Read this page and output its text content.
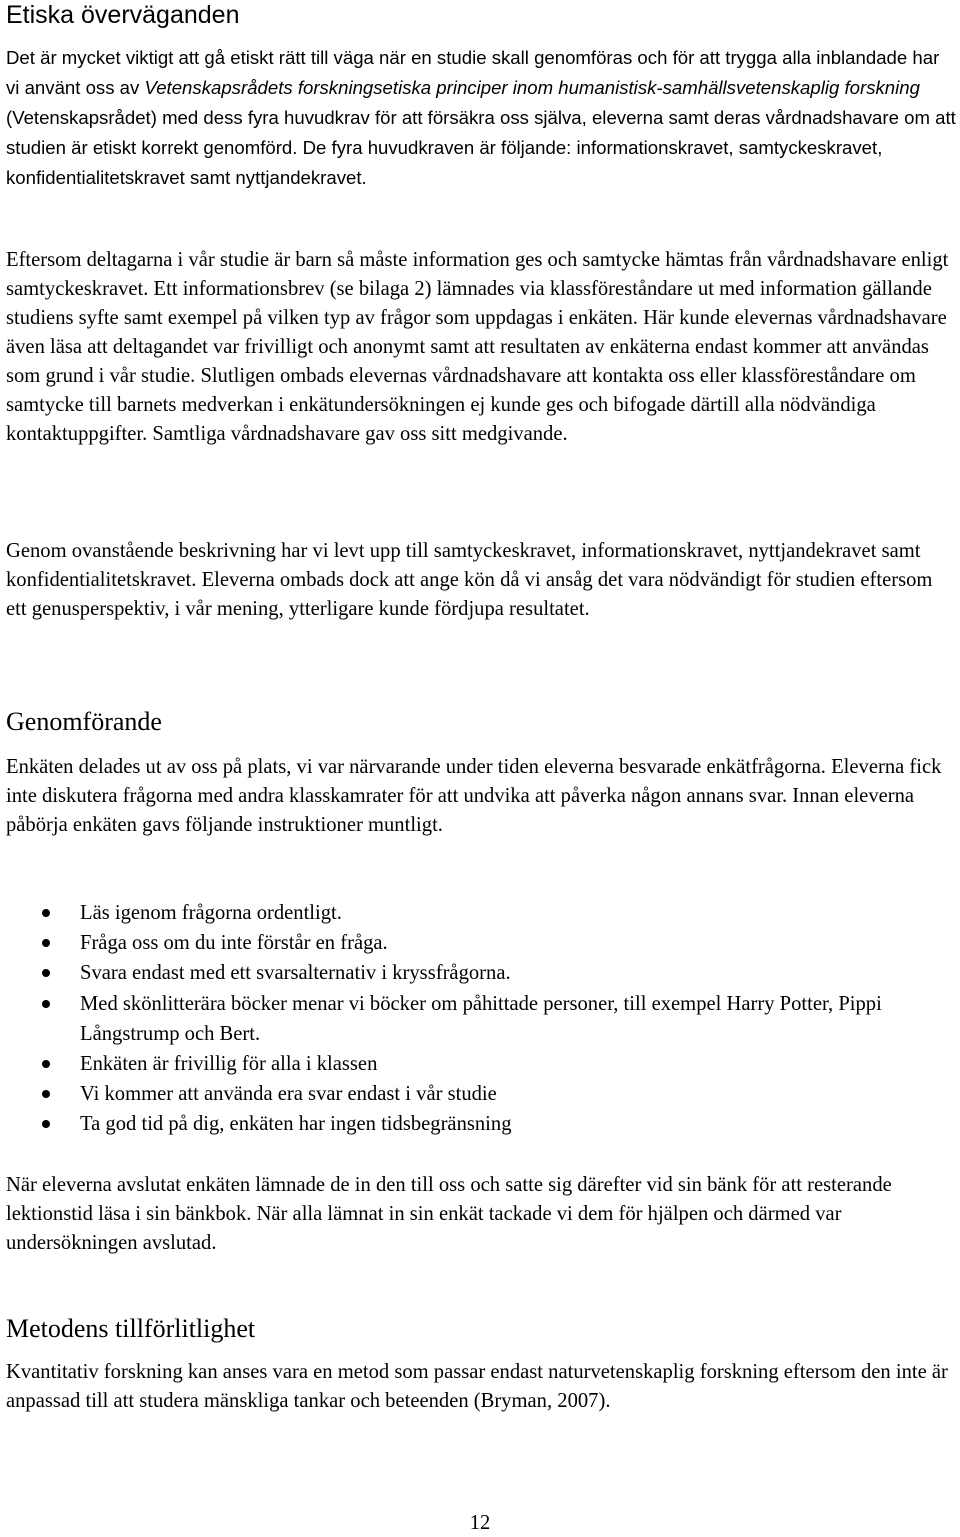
Etiska överväganden

Det är mycket viktigt att gå etiskt rätt till väga när en studie skall genomföras och för att trygga alla inblandade har vi använt oss av Vetenskapsrådets forskningsetiska principer inom humanistisk-samhällsvetenskaplig forskning (Vetenskapsrådet) med dess fyra huvudkrav för att försäkra oss själva, eleverna samt deras vårdnadshavare om att studien är etiskt korrekt genomförd. De fyra huvudkraven är följande: informationskravet, samtyckeskravet, konfidentialitetskravet samt nyttjandekravet.

Eftersom deltagarna i vår studie är barn så måste information ges och samtycke hämtas från vårdnadshavare enligt samtyckeskravet. Ett informationsbrev (se bilaga 2) lämnades via klassföreståndare ut med information gällande studiens syfte samt exempel på vilken typ av frågor som uppdagas i enkäten. Här kunde elevernas vårdnadshavare även läsa att deltagandet var frivilligt och anonymt samt att resultaten av enkäterna endast kommer att användas som grund i vår studie. Slutligen ombads elevernas vårdnadshavare att kontakta oss eller klassföreståndare om samtycke till barnets medverkan i enkätundersökningen ej kunde ges och bifogade därtill alla nödvändiga kontaktuppgifter. Samtliga vårdnadshavare gav oss sitt medgivande.

Genom ovanstående beskrivning har vi levt upp till samtyckeskravet, informationskravet, nyttjandekravet samt konfidentialitetskravet. Eleverna ombads dock att ange kön då vi ansåg det vara nödvändigt för studien eftersom ett genusperspektiv, i vår mening, ytterligare kunde fördjupa resultatet.

Genomförande

Enkäten delades ut av oss på plats, vi var närvarande under tiden eleverna besvarade enkätfrågorna. Eleverna fick inte diskutera frågorna med andra klasskamrater för att undvika att påverka någon annans svar. Innan eleverna påbörja enkäten gavs följande instruktioner muntligt.

Läs igenom frågorna ordentligt.
Fråga oss om du inte förstår en fråga.
Svara endast med ett svarsalternativ i kryssfrågorna.
Med skönlitterära böcker menar vi böcker om påhittade personer, till exempel Harry Potter, Pippi Långstrump och Bert.
Enkäten är frivillig för alla i klassen
Vi kommer att använda era svar endast i vår studie
Ta god tid på dig, enkäten har ingen tidsbegränsning

När eleverna avslutat enkäten lämnade de in den till oss och satte sig därefter vid sin bänk för att resterande lektionstid läsa i sin bänkbok. När alla lämnat in sin enkät tackade vi dem för hjälpen och därmed var undersökningen avslutad.

Metodens tillförlitlighet

Kvantitativ forskning kan anses vara en metod som passar endast naturvetenskaplig forskning eftersom den inte är anpassad till att studera mänskliga tankar och beteenden (Bryman, 2007).

12
